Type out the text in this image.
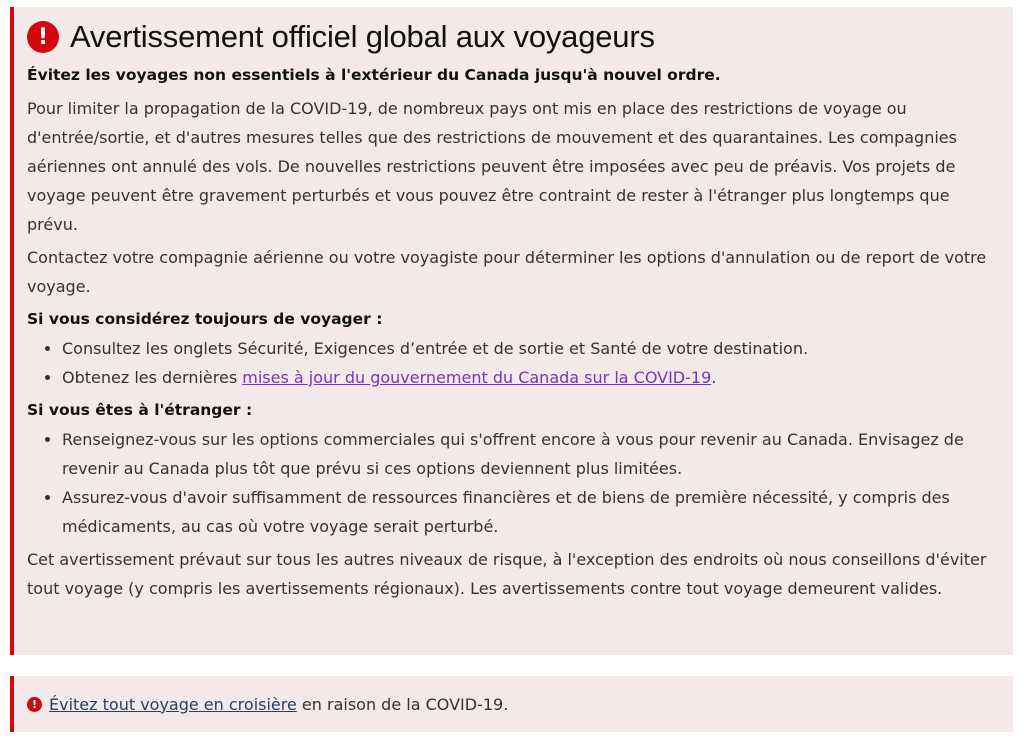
! Avertissement officiel global aux voyageurs

Évitez les voyages non essentiels à l'extérieur du Canada jusqu'à nouvel ordre.

Pour limiter la propagation de la COVID-19, de nombreux pays ont mis en place des restrictions de voyage ou d'entrée/sortie, et d'autres mesures telles que des restrictions de mouvement et des quarantaines. Les compagnies aériennes ont annulé des vols. De nouvelles restrictions peuvent être imposées avec peu de préavis. Vos projets de voyage peuvent être gravement perturbés et vous pouvez être contraint de rester à l'étranger plus longtemps que prévu.

Contactez votre compagnie aérienne ou votre voyagiste pour déterminer les options d'annulation ou de report de votre voyage.

Si vous considérez toujours de voyager :

• Consultez les onglets Sécurité, Exigences d’entrée et de sortie et Santé de votre destination.
• Obtenez les dernières mises à jour du gouvernement du Canada sur la COVID-19.

Si vous êtes à l'étranger :

• Renseignez-vous sur les options commerciales qui s'offrent encore à vous pour revenir au Canada. Envisagez de revenir au Canada plus tôt que prévu si ces options deviennent plus limitées.
• Assurez-vous d'avoir suffisamment de ressources financières et de biens de première nécessité, y compris des médicaments, au cas où votre voyage serait perturbé.

Cet avertissement prévaut sur tous les autres niveaux de risque, à l'exception des endroits où nous conseillons d'éviter tout voyage (y compris les avertissements régionaux). Les avertissements contre tout voyage demeurent valides.

! Évitez tout voyage en croisière en raison de la COVID-19.
